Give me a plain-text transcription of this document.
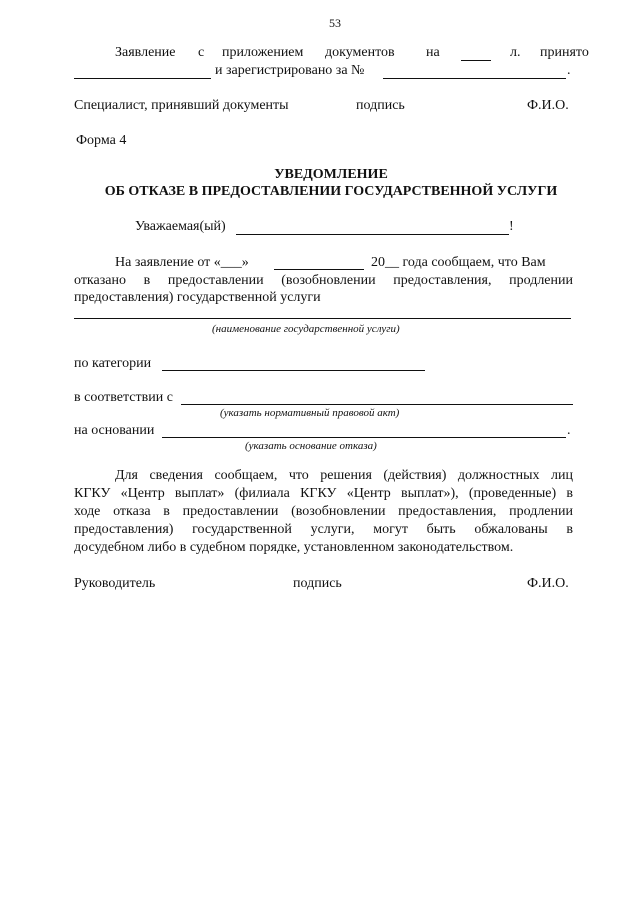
53
Заявление с приложением документов на	л. принято
и зарегистрировано за №	.
Специалист, принявший документы	подпись	Ф.И.О.
Форма 4
УВЕДОМЛЕНИЕ
ОБ ОТКАЗЕ В ПРЕДОСТАВЛЕНИИ ГОСУДАРСТВЕННОЙ УСЛУГИ
Уважаемая(ый)	!
На заявление от «___»	20__ года сообщаем, что Вам
отказано в предоставлении (возобновлении предоставления, продлении
предоставления) государственной услуги
(наименование государственной услуги)
по категории
в соответствии с
(указать нормативный правовой акт)
на основании	.
(указать основание отказа)
Для сведения сообщаем, что решения (действия) должностных лиц
КГКУ «Центр выплат» (филиала КГКУ «Центр выплат»), (проведенные) в
ходе отказа в предоставлении (возобновлении предоставления, продлении
предоставления) государственной услуги, могут быть обжалованы в
досудебном либо в судебном порядке, установленном законодательством.
Руководитель	подпись	Ф.И.О.
